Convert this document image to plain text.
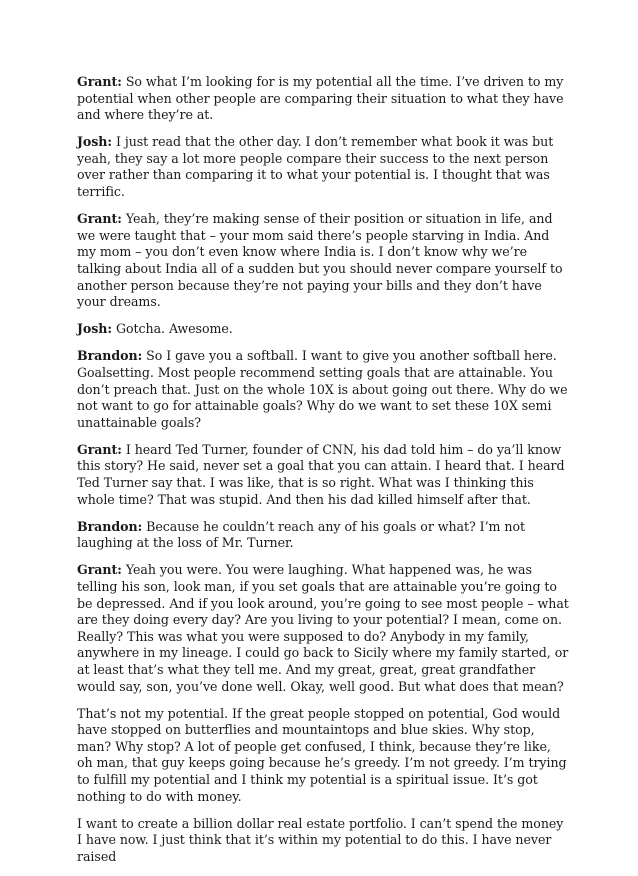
Grant: So what I’m looking for is my potential all the time. I’ve driven to my potential when other people are comparing their situation to what they have and where they’re at.

Josh: I just read that the other day. I don’t remember what book it was but yeah, they say a lot more people compare their success to the next person over rather than comparing it to what your potential is. I thought that was terrific.

Grant: Yeah, they’re making sense of their position or situation in life, and we were taught that – your mom said there’s people starving in India. And my mom – you don’t even know where India is. I don’t know why we’re talking about India all of a sudden but you should never compare yourself to another person because they’re not paying your bills and they don’t have your dreams.

Josh: Gotcha. Awesome.

Brandon: So I gave you a softball. I want to give you another softball here. Goalsetting. Most people recommend setting goals that are attainable. You don’t preach that. Just on the whole 10X is about going out there. Why do we not want to go for attainable goals? Why do we want to set these 10X semi unattainable goals?

Grant: I heard Ted Turner, founder of CNN, his dad told him – do ya’ll know this story? He said, never set a goal that you can attain. I heard that. I heard Ted Turner say that. I was like, that is so right. What was I thinking this whole time? That was stupid. And then his dad killed himself after that.

Brandon: Because he couldn’t reach any of his goals or what? I’m not laughing at the loss of Mr. Turner.

Grant: Yeah you were. You were laughing. What happened was, he was telling his son, look man, if you set goals that are attainable you’re going to be depressed. And if you look around, you’re going to see most people – what are they doing every day? Are you living to your potential? I mean, come on. Really? This was what you were supposed to do? Anybody in my family, anywhere in my lineage. I could go back to Sicily where my family started, or at least that’s what they tell me. And my great, great, great grandfather would say, son, you’ve done well. Okay, well good. But what does that mean?

That’s not my potential. If the great people stopped on potential, God would have stopped on butterflies and mountaintops and blue skies. Why stop, man? Why stop? A lot of people get confused, I think, because they’re like, oh man, that guy keeps going because he’s greedy. I’m not greedy. I’m trying to fulfill my potential and I think my potential is a spiritual issue. It’s got nothing to do with money.

I want to create a billion dollar real estate portfolio. I can’t spend the money I have now. I just think that it’s within my potential to do this. I have never raised
